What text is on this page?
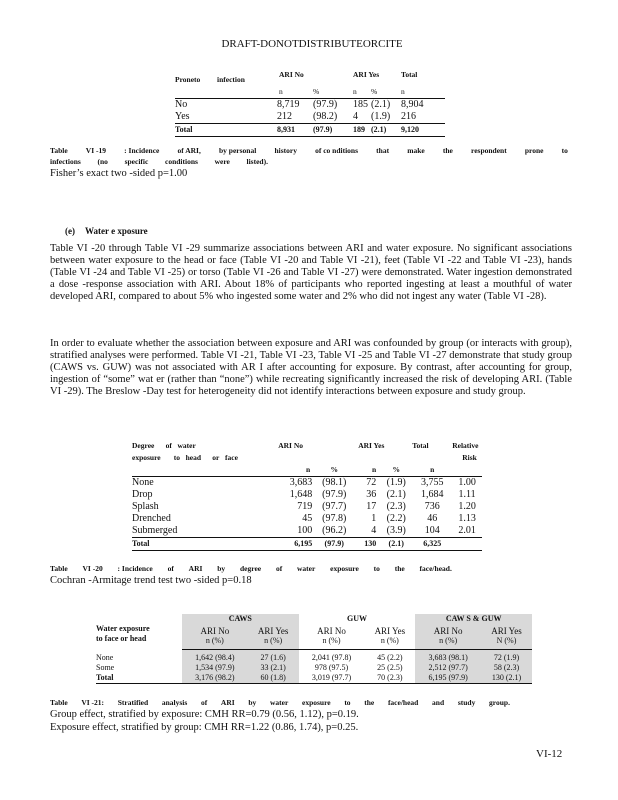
DRAFT-DONOTDISTRIBUTEORCITE
Proneto	infection	ARI No		ARI Yes		Total
		n	%	n	%	n
No		8,719	(97.9)	185	(2.1)	8,904
Yes		212	(98.2)	4	(1.9)	216
Total		8,931	(97.9)	189	(2.1)	9,120
Table VI -19 : Incidence of ARI, by personal history of co nditions that make the respondent prone to
infections (no specific conditions were listed).
Fisher’s exact two -sided p=1.00
(e) Water e xposure

Table VI -20 through Table VI -29 summarize associations between ARI and water exposure. No significant associations between water exposure to the head or face (Table VI -20 and Table VI -21), feet (Table VI -22 and Table VI -23), hands (Table VI -24 and Table VI -25) or torso (Table VI -26 and Table VI -27) were demonstrated. Water ingestion demonstrated a dose -response association with ARI. About 18% of participants who reported ingesting at least a mouthful of water developed ARI, compared to about 5% who ingested some water and 2% who did not ingest any water (Table VI -28).

In order to evaluate whether the association between exposure and ARI was confounded by group (or interacts with group), stratified analyses were performed. Table VI -21, Table VI -23, Table VI -25 and Table VI -27 demonstrate that study group (CAWS vs. GUW) was not associated with AR I after accounting for exposure. By contrast, after accounting for group, ingestion of “some” wat er (rather than “none”) while recreating significantly increased the risk of developing ARI. (Table VI -29). The Breslow -Day test for heterogeneity did not identify interactions between exposure and study group.

Degree of water
exposure to head or face	ARI No		ARI Yes		Total	Relative
Risk
	n	%	n	%	n	
None	3,683	(98.1)	72	(1.9)	3,755	1.00
Drop	1,648	(97.9)	36	(2.1)	1,684	1.11
Splash	719	(97.7)	17	(2.3)	736	1.20
Drenched	45	(97.8)	1	(2.2)	46	1.13
Submerged	100	(96.2)	4	(3.9)	104	2.01
Total	6,195	(97.9)	130	(2.1)	6,325	
Table VI -20 : Incidence of ARI by degree of water exposure to the face/head.
Cochran -Armitage trend test two -sided p=0.18
Water exposure
to face or head	CAWS		GUW		CAW S & GUW	
	ARI No	ARI Yes	ARI No	ARI Yes	ARI No	ARI Yes
	n (%)	n (%)	n (%)	n (%)	n (%)	N (%)
None	1,642 (98.4)	27 (1.6)	2,041 (97.8)	45 (2.2)	3,683 (98.1)	72 (1.9)
Some	1,534 (97.9)	33 (2.1)	978 (97.5)	25 (2.5)	2,512 (97.7)	58 (2.3)
Total	3,176 (98.2)	60 (1.8)	3,019 (97.7)	70 (2.3)	6,195 (97.9)	130 (2.1)
Table VI -21: Stratified analysis of ARI by water exposure to the face/head and study group.
Group effect, stratified by exposure: CMH RR=0.79 (0.56, 1.12), p=0.19.
Exposure effect, stratified by group: CMH RR=1.22 (0.86, 1.74), p=0.25.
VI-12
